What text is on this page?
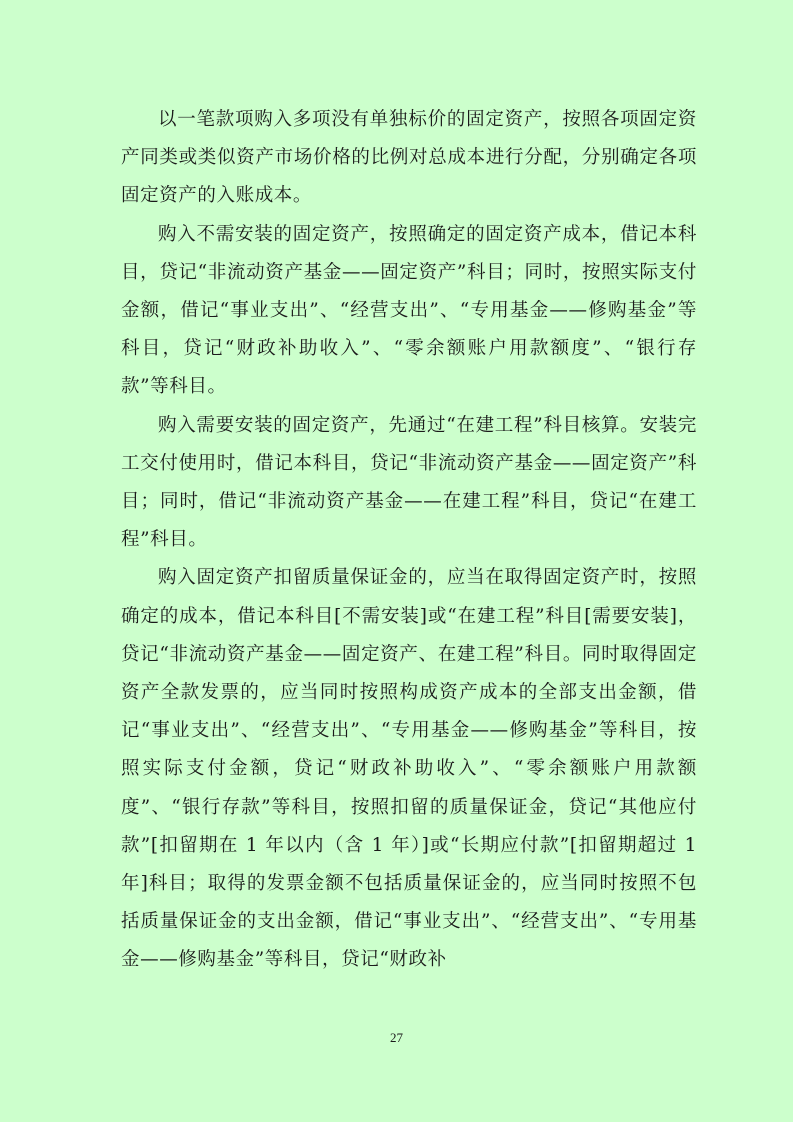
以一笔款项购入多项没有单独标价的固定资产，按照各项固定资产同类或类似资产市场价格的比例对总成本进行分配，分别确定各项固定资产的入账成本。

购入不需安装的固定资产，按照确定的固定资产成本，借记本科目，贷记“非流动资产基金——固定资产”科目；同时，按照实际支付金额，借记“事业支出”、“经营支出”、“专用基金——修购基金”等科目，贷记“财政补助收入”、“零余额账户用款额度”、“银行存款”等科目。

购入需要安装的固定资产，先通过“在建工程”科目核算。安装完工交付使用时，借记本科目，贷记“非流动资产基金——固定资产”科目；同时，借记“非流动资产基金——在建工程”科目，贷记“在建工程”科目。

购入固定资产扣留质量保证金的，应当在取得固定资产时，按照确定的成本，借记本科目[不需安装]或“在建工程”科目[需要安装]，贷记“非流动资产基金——固定资产、在建工程”科目。同时取得固定资产全款发票的，应当同时按照构成资产成本的全部支出金额，借记“事业支出”、“经营支出”、“专用基金——修购基金”等科目，按照实际支付金额，贷记“财政补助收入”、“零余额账户用款额度”、“银行存款”等科目，按照扣留的质量保证金，贷记“其他应付款”[扣留期在 1 年以内（含 1 年）]或“长期应付款”[扣留期超过 1 年]科目；取得的发票金额不包括质量保证金的，应当同时按照不包括质量保证金的支出金额，借记“事业支出”、“经营支出”、“专用基金——修购基金”等科目，贷记“财政补

27
